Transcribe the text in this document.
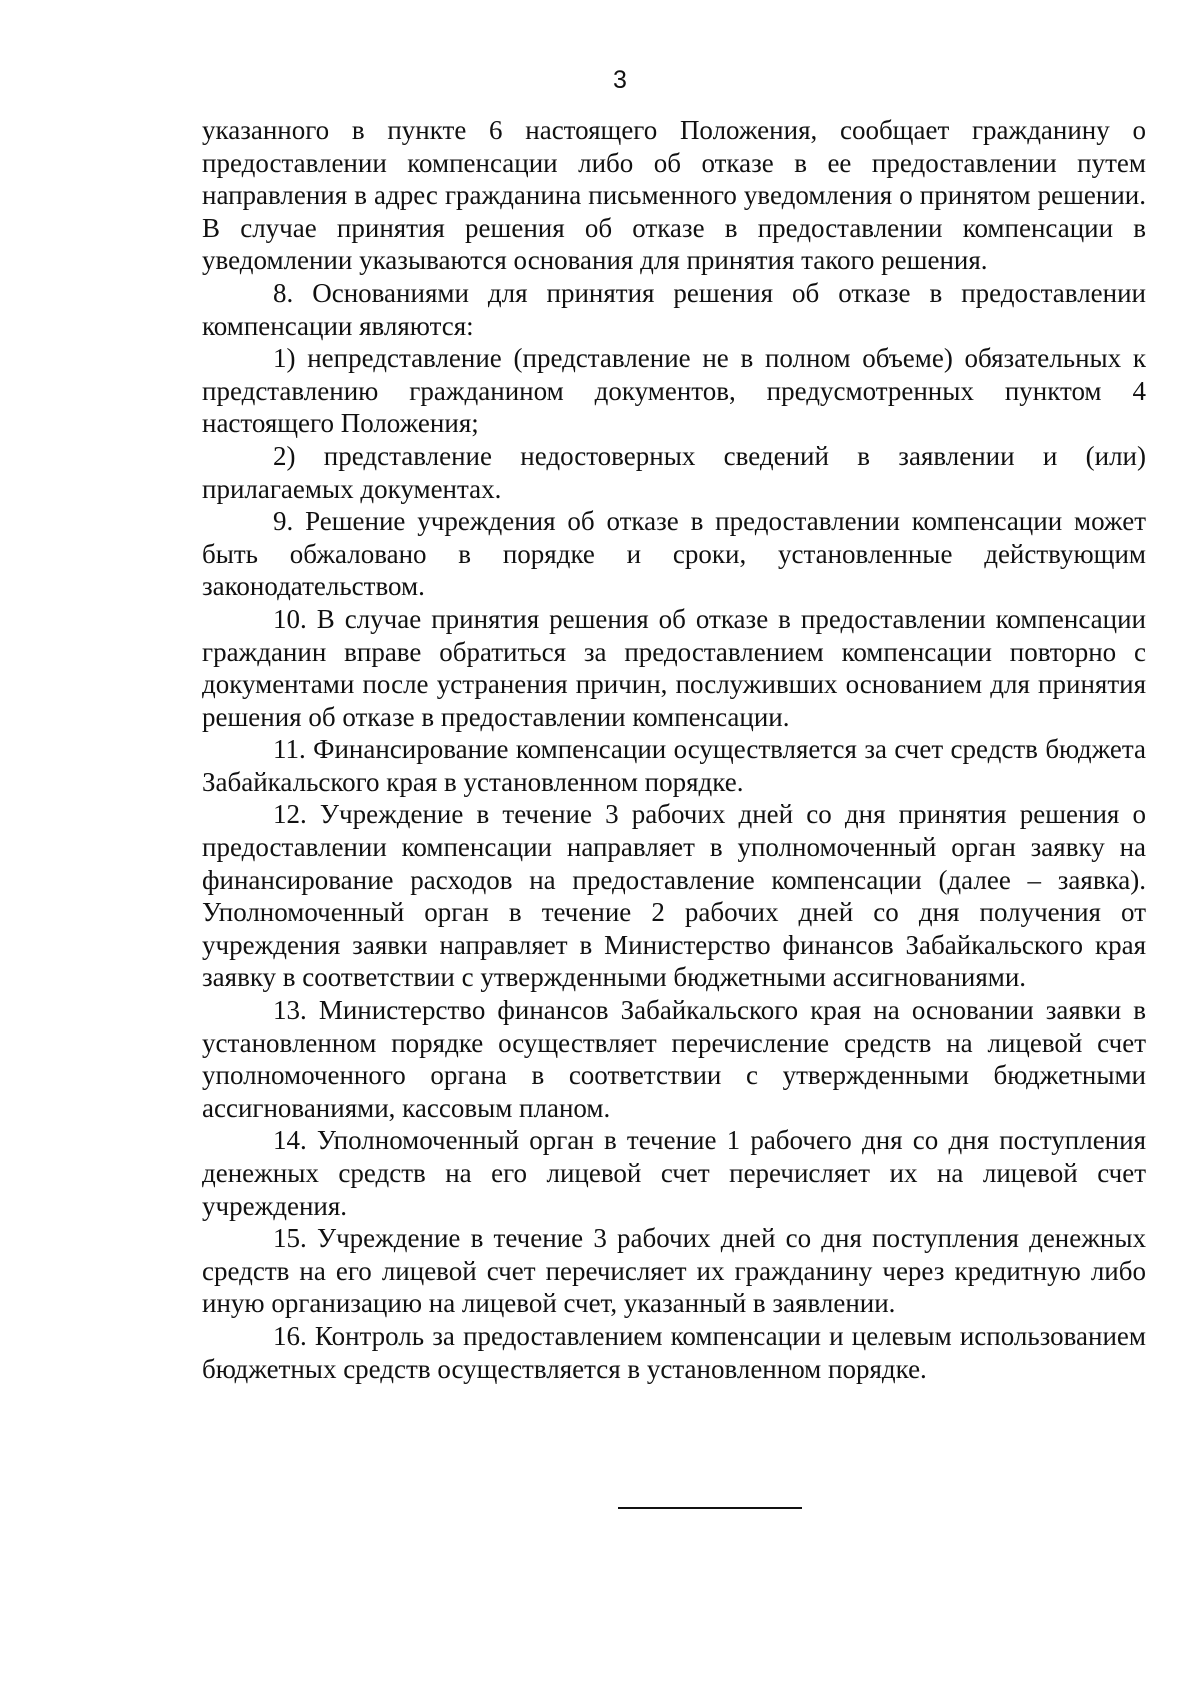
3

указанного в пункте 6 настоящего Положения, сообщает гражданину о предоставлении компенсации либо об отказе в ее предоставлении путем направления в адрес гражданина письменного уведомления о принятом решении. В случае принятия решения об отказе в предоставлении компенсации в уведомлении указываются основания для принятия такого решения.

8. Основаниями для принятия решения об отказе в предоставлении компенсации являются:

1) непредставление (представление не в полном объеме) обязательных к представлению гражданином документов, предусмотренных пунктом 4 настоящего Положения;

2) представление недостоверных сведений в заявлении и (или) прилагаемых документах.

9. Решение учреждения об отказе в предоставлении компенсации может быть обжаловано в порядке и сроки, установленные действующим законодательством.

10. В случае принятия решения об отказе в предоставлении компенсации гражданин вправе обратиться за предоставлением компенсации повторно с документами после устранения причин, послуживших основанием для принятия решения об отказе в предоставлении компенсации.

11. Финансирование компенсации осуществляется за счет средств бюджета Забайкальского края в установленном порядке.

12. Учреждение в течение 3 рабочих дней со дня принятия решения о предоставлении компенсации направляет в уполномоченный орган заявку на финансирование расходов на предоставление компенсации (далее – заявка). Уполномоченный орган в течение 2 рабочих дней со дня получения от учреждения заявки направляет в Министерство финансов Забайкальского края заявку в соответствии с утвержденными бюджетными ассигнованиями.

13. Министерство финансов Забайкальского края на основании заявки в установленном порядке осуществляет перечисление средств на лицевой счет уполномоченного органа в соответствии с утвержденными бюджетными ассигнованиями, кассовым планом.

14. Уполномоченный орган в течение 1 рабочего дня со дня поступления денежных средств на его лицевой счет перечисляет их на лицевой счет учреждения.

15. Учреждение в течение 3 рабочих дней со дня поступления денежных средств на его лицевой счет перечисляет их гражданину через кредитную либо иную организацию на лицевой счет, указанный в заявлении.

16. Контроль за предоставлением компенсации и целевым использованием бюджетных средств осуществляется в установленном порядке.
